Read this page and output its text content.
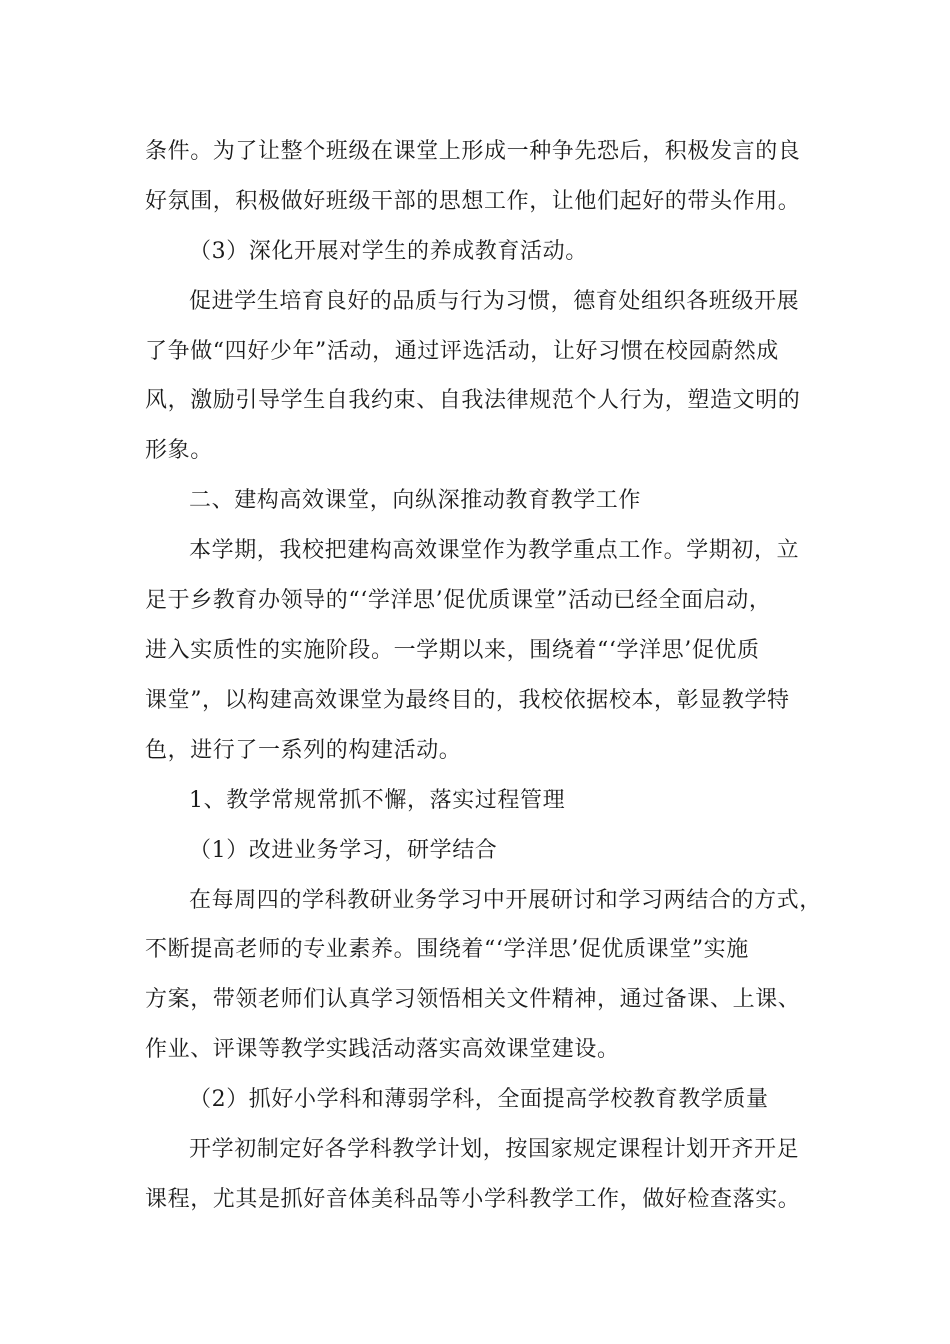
条件。为了让整个班级在课堂上形成一种争先恐后，积极发言的良
好氛围，积极做好班级干部的思想工作，让他们起好的带头作用。
（3）深化开展对学生的养成教育活动。
促进学生培育良好的品质与行为习惯，德育处组织各班级开展
了争做“四好少年”活动，通过评选活动，让好习惯在校园蔚然成
风，激励引导学生自我约束、自我法律规范个人行为，塑造文明的
形象。
二、建构高效课堂，向纵深推动教育教学工作
本学期，我校把建构高效课堂作为教学重点工作。学期初，立
足于乡教育办领导的“‘学洋思’促优质课堂”活动已经全面启动，
进入实质性的实施阶段。一学期以来，围绕着“‘学洋思’促优质
课堂”，以构建高效课堂为最终目的，我校依据校本，彰显教学特
色，进行了一系列的构建活动。
1、教学常规常抓不懈，落实过程管理
（1）改进业务学习，研学结合
在每周四的学科教研业务学习中开展研讨和学习两结合的方式，
不断提高老师的专业素养。围绕着“‘学洋思’促优质课堂”实施
方案，带领老师们认真学习领悟相关文件精神，通过备课、上课、
作业、评课等教学实践活动落实高效课堂建设。
（2）抓好小学科和薄弱学科，全面提高学校教育教学质量
开学初制定好各学科教学计划，按国家规定课程计划开齐开足
课程，尤其是抓好音体美科品等小学科教学工作，做好检查落实。
